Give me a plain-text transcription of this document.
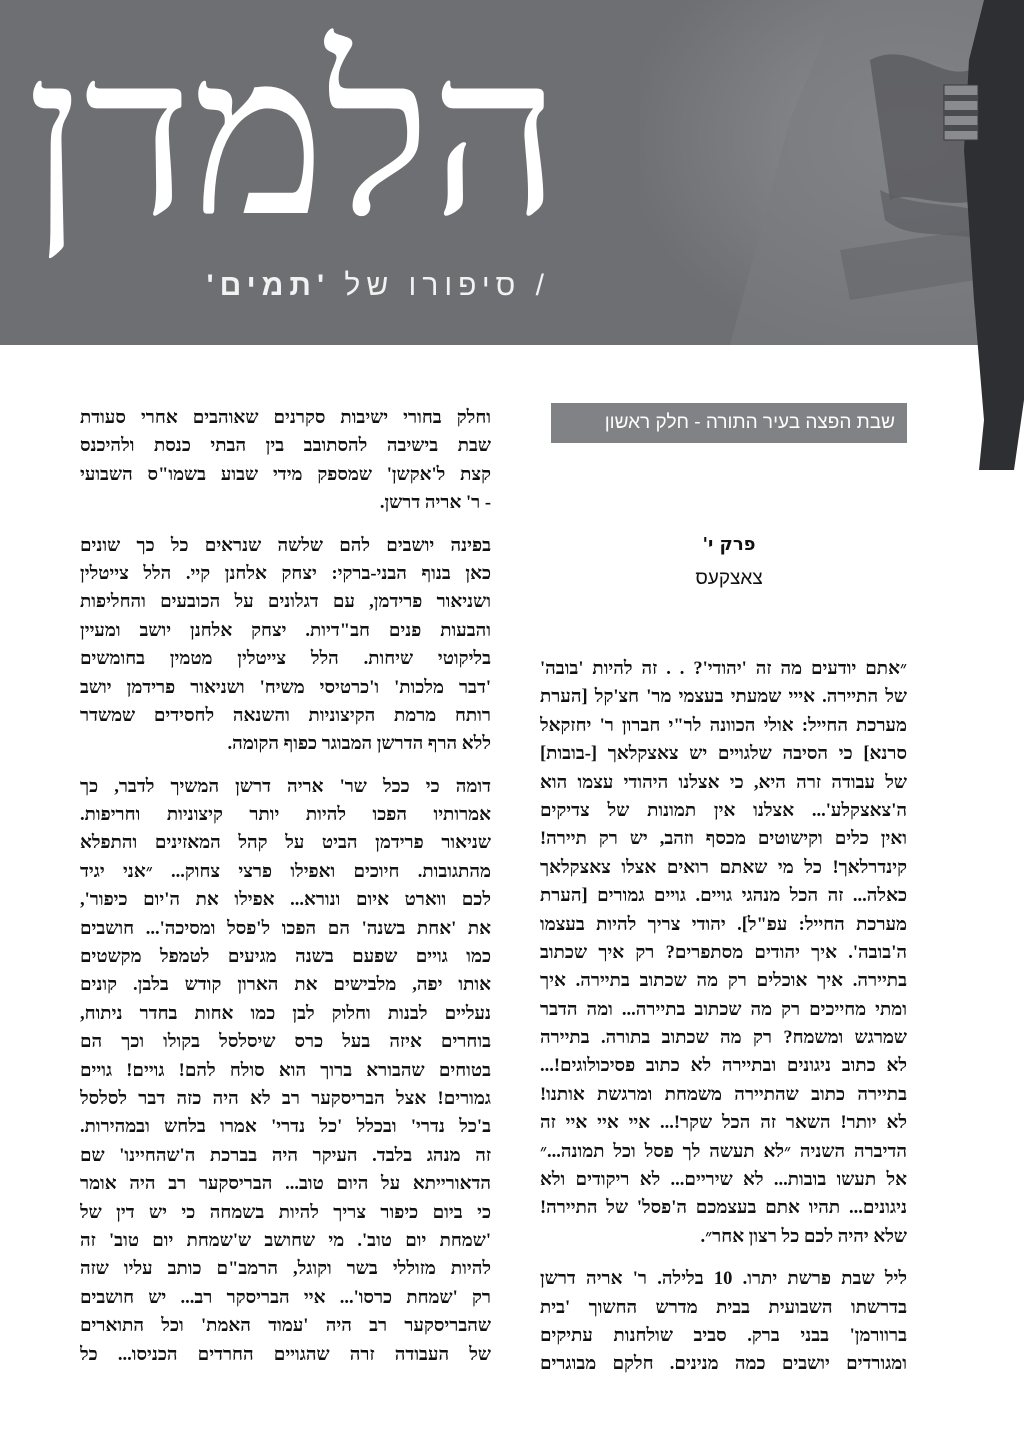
הלמדן
/ סיפורו של 'תמים'
שבת הפצה בעיר התורה - חלק ראשון
פרק י'
צאצקעס
״אתם יודעים מה זה 'יהודי'? . . זה להיות 'בובה'
של התיירה. אייי שמעתי בעצמי מר' חצ'קל [הערת
מערכת החייל: אולי הכוונה לר"י חברון ר' יחזקאל
סרנא] כי הסיבה שלגויים יש צאצקלאך [-בובות]
של עבודה זרה היא, כי אצלנו היהודי עצמו הוא
ה'צאצקלע'... אצלנו אין תמונות של צדיקים
ואין כלים וקישוטים מכסף וזהב, יש רק תיירה!
קינדרלאך! כל מי שאתם רואים אצלו צאצקלאך
כאלה... זה הכל מנהגי גויים. גויים גמורים [הערת
מערכת החייל: עפ"ל]. יהודי צריך להיות בעצמו
ה'בובה'. איך יהודים מסתפרים? רק איך שכתוב
בתיירה. איך אוכלים רק מה שכתוב בתיירה. איך
ומתי מחייכים רק מה שכתוב בתיירה... ומה הדבר
שמרגש ומשמח? רק מה שכתוב בתורה. בתיירה
לא כתוב ניגונים ובתיירה לא כתוב פסיכולוגים!...
בתיירה כתוב שהתיירה משמחת ומרגשת אותנו!
לא יותר! השאר זה הכל שקר!... איי איי איי זה
הדיברה השניה ״לא תעשה לך פסל וכל תמונה...״
אל תעשו בובות... לא שיריים... לא ריקודים ולא
ניגונים... תהיו אתם בעצמכם ה'פסל' של התיירה!
שלא יהיה לכם כל רצון אחר״.
ליל שבת פרשת יתרו. 10 בלילה. ר' אריה דרשן
בדרשתו השבועית בבית מדרש החשוך 'בית
ברוורמן' בבני ברק. סביב שולחנות עתיקים
ומגורדים יושבים כמה מנינים. חלקם מבוגרים
וחלק בחורי ישיבות סקרנים שאוהבים אחרי סעודת
שבת בישיבה להסתובב בין הבתי כנסת ולהיכנס
קצת ל'אקשן' שמספק מידי שבוע בשמו"ס השבועי
- ר' אריה דרשן.
בפינה יושבים להם שלשה שנראים כל כך שונים
כאן בנוף הבני-ברקי: יצחק אלחנן קיי. הלל צייטלין
ושניאור פרידמן, עם דגלונים על הכובעים והחליפות
והבעות פנים חב"דיות. יצחק אלחנן יושב ומעיין
בליקוטי שיחות. הלל צייטלין מטמין בחומשים
'דבר מלכות' ו'כרטיסי משיח' ושניאור פרידמן יושב
רותח מרמת הקיצוניות והשנאה לחסידים שמשדר
ללא הרף הדרשן המבוגר כפוף הקומה.
דומה כי ככל שר' אריה דרשן המשיך לדבר, כך
אמרותיו הפכו להיות יותר קיצוניות וחריפות.
שניאור פרידמן הביט על קהל המאזינים והתפלא
מהתגובות. חיוכים ואפילו פרצי צחוק... ״אני יגיד
לכם ווארט איום ונורא... אפילו את ה'יום כיפור',
את 'אחת בשנה' הם הפכו ל'פסל ומסיכה'... חושבים
כמו גויים שפעם בשנה מגיעים לטמפל מקשטים
אותו יפה, מלבישים את הארון קודש בלבן. קונים
נעליים לבנות וחלוק לבן כמו אחות בחדר ניתוח,
בוחרים איזה בעל כרס שיסלסל בקולו וכך הם
בטוחים שהבורא ברוך הוא סולח להם! גויים! גויים
גמורים! אצל הבריסקער רב לא היה כזה דבר לסלסל
ב'כל נדרי' ובכלל 'כל נדרי' אמרו בלחש ובמהירות.
זה מנהג בלבד. העיקר היה בברכת ה'שהחיינו' שם
הדאורייתא על היום טוב... הבריסקער רב היה אומר
כי ביום כיפור צריך להיות בשמחה כי יש דין של
'שמחת יום טוב'. מי שחושב ש'שמחת יום טוב' זה
להיות מזוללי בשר וקוגל, הרמב"ם כותב עליו שזה
רק 'שמחת כרסו'... איי הבריסקר רב... יש חושבים
שהבריסקער רב היה 'עמוד האמת' וכל התוארים
של העבודה זרה שהגויים החרדים הכניסו... כל
